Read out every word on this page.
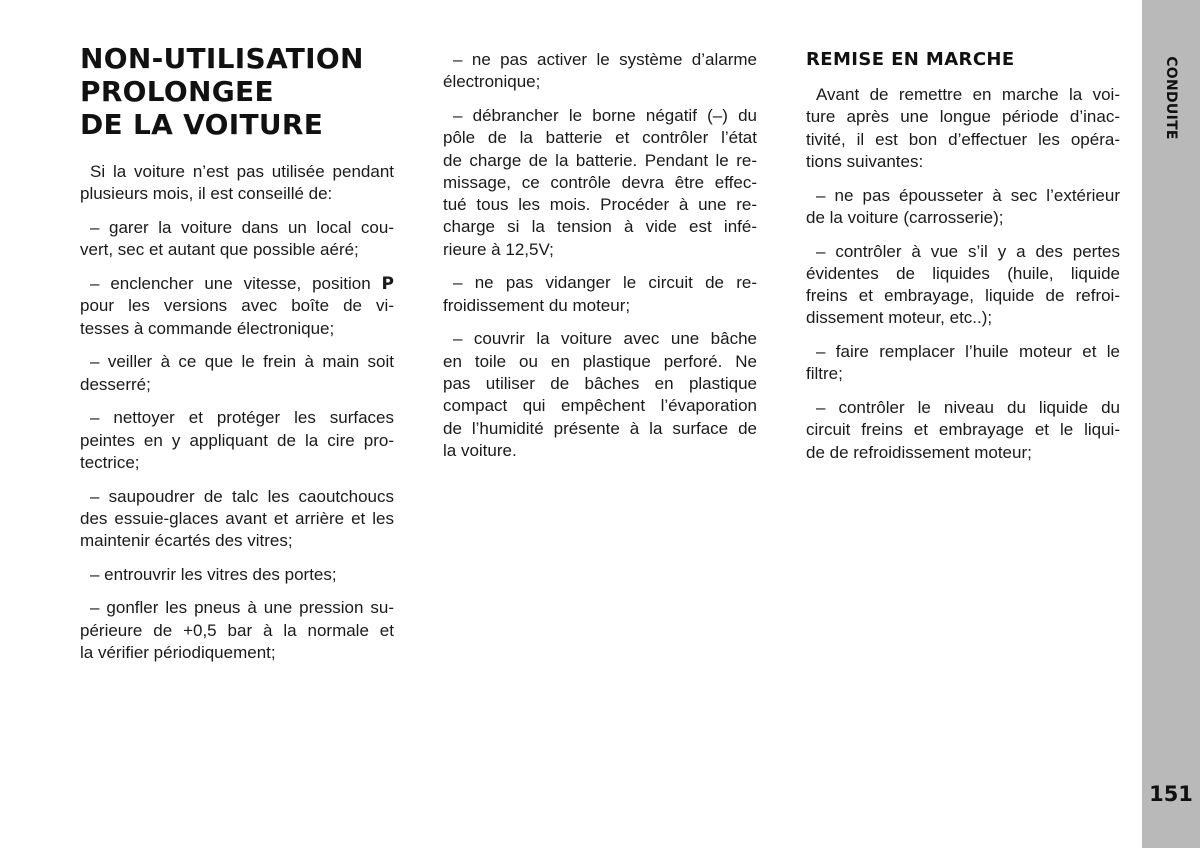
NON-UTILISATION
PROLONGEE
DE LA VOITURE

Si la voiture n’est pas utilisée pendant
plusieurs mois, il est conseillé de:

– garer la voiture dans un local cou-
vert, sec et autant que possible aéré;

– enclencher une vitesse, position P
pour les versions avec boîte de vi-
tesses à commande électronique;

– veiller à ce que le frein à main soit
desserré;

– nettoyer et protéger les surfaces
peintes en y appliquant de la cire pro-
tectrice;

– saupoudrer de talc les caoutchoucs
des essuie-glaces avant et arrière et les
maintenir écartés des vitres;

– entrouvrir les vitres des portes;

– gonfler les pneus à une pression su-
périeure de +0,5 bar à la normale et
la vérifier périodiquement;

– ne pas activer le système d’alarme
électronique;

– débrancher le borne négatif (–) du
pôle de la batterie et contrôler l’état
de charge de la batterie. Pendant le re-
missage, ce contrôle devra être effec-
tué tous les mois. Procéder à une re-
charge si la tension à vide est infé-
rieure à 12,5V;

– ne pas vidanger le circuit de re-
froidissement du moteur;

– couvrir la voiture avec une bâche
en toile ou en plastique perforé. Ne
pas utiliser de bâches en plastique
compact qui empêchent l’évaporation
de l’humidité présente à la surface de
la voiture.

REMISE EN MARCHE

Avant de remettre en marche la voi-
ture après une longue période d’inac-
tivité, il est bon d’effectuer les opéra-
tions suivantes:

– ne pas épousseter à sec l’extérieur
de la voiture (carrosserie);

– contrôler à vue s’il y a des pertes
évidentes de liquides (huile, liquide
freins et embrayage, liquide de refroi-
dissement moteur, etc..);

– faire remplacer l’huile moteur et le
filtre;

– contrôler le niveau du liquide du
circuit freins et embrayage et le liqui-
de de refroidissement moteur;

CONDUITE
151
